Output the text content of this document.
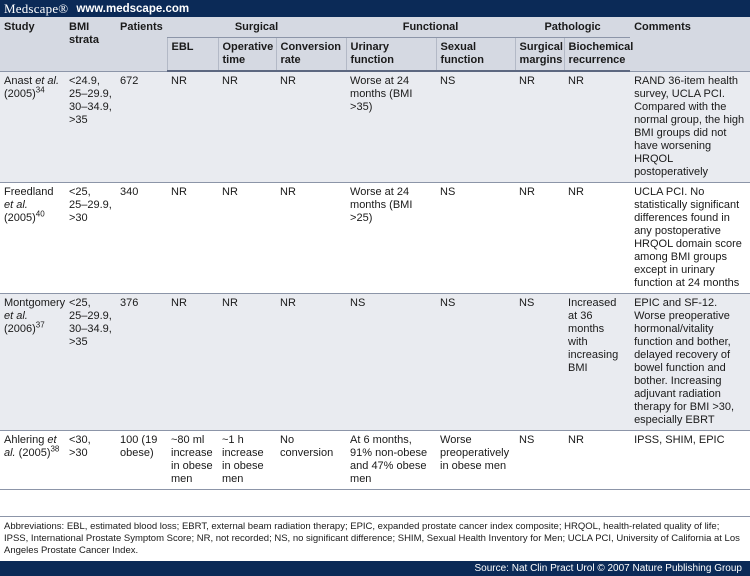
Medscape® www.medscape.com
Study	BMI strata	Patients	Surgical			Functional		Pathologic		Comments
			EBL	Operative time	Conversion rate	Urinary function	Sexual function	Surgical margins	Biochemical recurrence	
Anast et al. $(2005)^{34}$	<24.9, 25–29.9, 30–34.9, >35	672	NR	NR	NR	Worse at 24 months (BMI >35)	NS	NR	NR	RAND 36-item health survey, UCLA PCI. Compared with the normal group, the high BMI groups did not have worsening HRQOL postoperatively
Freedland et al. $(2005)^{40}$	<25, 25–29.9, >30	340	NR	NR	NR	Worse at 24 months (BMI >25)	NS	NR	NR	UCLA PCI. No statistically significant differences found in any postoperative HRQOL domain score among BMI groups except in urinary function at 24 months
Montgomery et al. $(2006)^{37}$	<25, 25–29.9, 30–34.9, >35	376	NR	NR	NR	NS	NS	NS	Increased at 36 months with increasing BMI	EPIC and SF-12. Worse preoperative hormonal/vitality function and bother, delayed recovery of bowel function and bother. Increasing adjuvant radiation therapy for BMI >30, especially EBRT
Ahlering et al. $(2005)^{38}$	<30, >30	100 (19 obese)	~80 ml increase in obese men	~1 h increase in obese men	No conversion	At 6 months, 91% non-obese and 47% obese men	Worse preoperatively in obese men	NS	NR	IPSS, SHIM, EPIC
Abbreviations: EBL, estimated blood loss; EBRT, external beam radiation therapy; EPIC, expanded prostate cancer index composite; HRQOL, health-related quality of life; IPSS, International Prostate Symptom Score; NR, not recorded; NS, no significant difference; SHIM, Sexual Health Inventory for Men; UCLA PCI, University of California at Los Angeles Prostate Cancer Index.
Source: Nat Clin Pract Urol © 2007 Nature Publishing Group
